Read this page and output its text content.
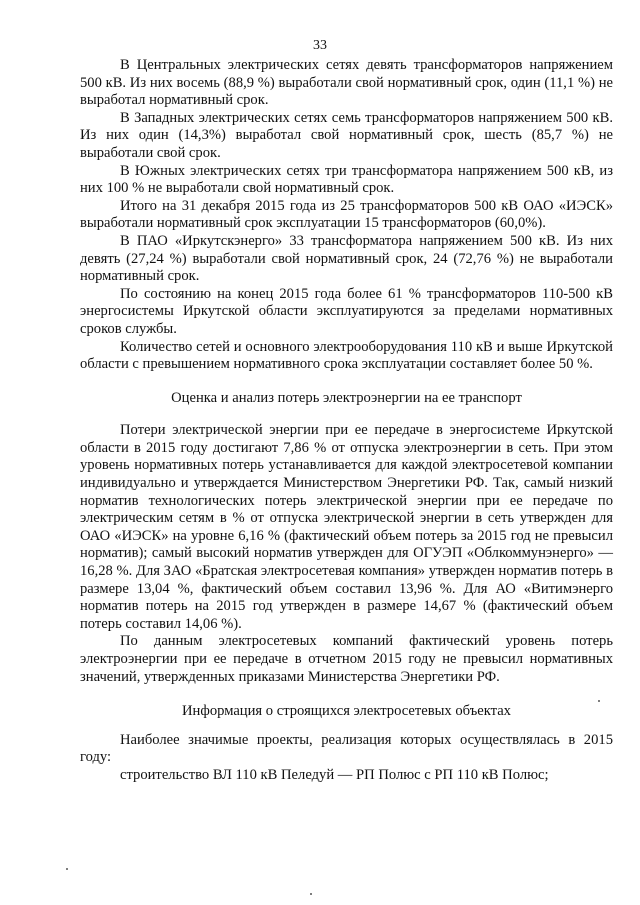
33

В Центральных электрических сетях девять трансформаторов напряжением 500 кВ. Из них восемь (88,9 %) выработали свой нормативный срок, один (11,1 %) не выработал нормативный срок.

В Западных электрических сетях семь трансформаторов напряжением 500 кВ. Из них один (14,3%) выработал свой нормативный срок, шесть (85,7 %) не выработали свой срок.

В Южных электрических сетях три трансформатора напряжением 500 кВ, из них 100 % не выработали свой нормативный срок.

Итого на 31 декабря 2015 года из 25 трансформаторов 500 кВ ОАО «ИЭСК» выработали нормативный срок эксплуатации 15 трансформаторов (60,0%).

В ПАО «Иркутскэнерго» 33 трансформатора напряжением 500 кВ. Из них девять (27,24 %) выработали свой нормативный срок, 24 (72,76 %) не выработали нормативный срок.

По состоянию на конец 2015 года более 61 % трансформаторов 110-500 кВ энергосистемы Иркутской области эксплуатируются за пределами нормативных сроков службы.

Количество сетей и основного электрооборудования 110 кВ и выше Иркутской области с превышением нормативного срока эксплуатации составляет более 50 %.

Оценка и анализ потерь электроэнергии на ее транспорт

Потери электрической энергии при ее передаче в энергосистеме Иркутской области в 2015 году достигают 7,86 % от отпуска электроэнергии в сеть. При этом уровень нормативных потерь устанавливается для каждой электросетевой компании индивидуально и утверждается Министерством Энергетики РФ. Так, самый низкий норматив технологических потерь электрической энергии при ее передаче по электрическим сетям в % от отпуска электрической энергии в сеть утвержден для ОАО «ИЭСК» на уровне 6,16 % (фактический объем потерь за 2015 год не превысил норматив); самый высокий норматив утвержден для ОГУЭП «Облкоммунэнерго» — 16,28 %. Для ЗАО «Братская электросетевая компания» утвержден норматив потерь в размере 13,04 %, фактический объем составил 13,96 %. Для АО «Витимэнерго норматив потерь на 2015 год утвержден в размере 14,67 % (фактический объем потерь составил 14,06 %).

По данным электросетевых компаний фактический уровень потерь электроэнергии при ее передаче в отчетном 2015 году не превысил нормативных значений, утвержденных приказами Министерства Энергетики РФ.

Информация о строящихся электросетевых объектах

Наиболее значимые проекты, реализация которых осуществлялась в 2015 году:

строительство ВЛ 110 кВ Пеледуй — РП Полюс с РП 110 кВ Полюс;
